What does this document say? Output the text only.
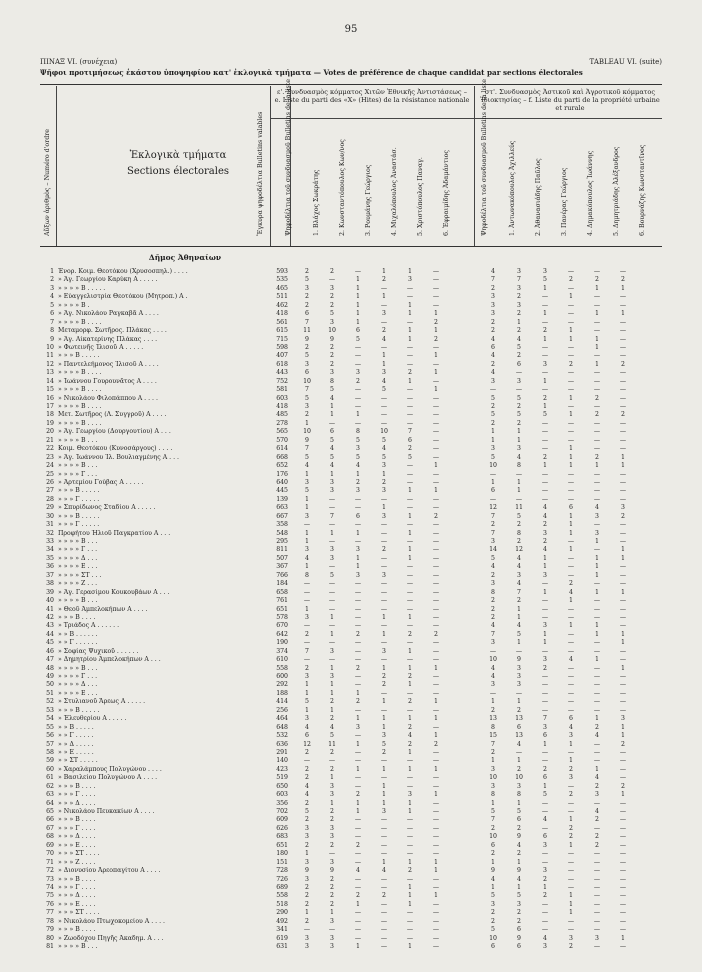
95
ΠΙΝΑΞ VI. (συνέχεια)	TABLEAU VI. (suite)
Ψῆφοι προτιμήσεως ἑκάστου ὑποψηφίου κατ' ἐκλογικὰ τμήματα — Votes de préférence de chaque candidat par sections électorales
Αὔξων ἀριθμὸς – Numéro d'ordre	Ἐκλογικὰ τμήματα
Sections électorales	Ἔγκυρα ψηφοδέλτια Bulletins valables
ε'. Συνδυασμὸς κόμματος Χιτῶν Ἐθνικῆς Ἀντιστάσεως – e. Liste du parti des «X» (Hites) de la résistance nationale
στ'. Συνδυασμὸς Ἀστικοῦ καὶ Ἀγροτικοῦ κόμματος Ἰδιοκτησίας – f. Liste du parti de la propriété urbaine et rurale
Ψηφοδέλτια τοῦ συνδυασμοῦ Bulletins de la liste	1. Βλάχος Σωκράτης	2. Κωνσταντόπουλος Κων/νος	3. Ρουμάνης Γεώργιος	4. Μιχαλόπουλος Ἀναστάσ.	5. Χριστόπουλος Παναγ.	6. Ἐφραιμίδης Ἀδαμάντιος	Ψηφοδέλτια τοῦ συνδυασμοῦ Bulletins de la liste	1. Ἀντωνακόπουλος Ἀχιλλεύς	2. Ἀθανασιάδης Παῦλος	3. Πανέρας Γεώργιος	4. Δημακόπουλος Ἰωάννης	5. Δημητριάδης Ἀλέξανδρος	6. Βουρνάζης Κωνσταντῖνος
Δῆμος Ἀθηναίων
1 Ἐνορ. Κοιμ. Θεοτόκου (Χρυσοσπηλ.) . . . .	593	2	2	—	1	1	—	4	3	3	—	—	—
2 » Ἁγ. Γεωργίου Καρύκη Α . . . . .	535	5	—	1	2	3	—	7	7	5	2	2	2
3 » » » » Β . . . . .	465	3	3	1	—	—	—	2	3	1	—	1	1
4 » Εὐαγγελιστρία Θεοτόκου (Μητροπ.) Α .	511	2	2	1	1	—	—	3	2	—	1	—	—
5 » » » » Β .	462	2	2	1	—	1	—	3	3	—	—	—	—
6 » Ἁγ. Νικολάου Ραγκαβᾶ Α . . . .	418	6	5	1	3	1	1	3	2	1	—	1	1
7 » » » » Β . . . .	561	7	3	1	—	—	2	2	1	—	—	—	—
8 Μεταμορφ. Σωτῆρος. Πλάκας . . . .	615	11	10	6	2	1	1	2	2	2	1	—	—
9 » Ἁγ. Αἰκατερίνης Πλάκας . . . .	715	9	9	5	4	1	2	4	4	1	1	1	—
10 » Φωτεινῆς Ἰλισοῦ Α . . . . .	598	2	2	—	—	—	—	6	5	—	—	1	—
11 » » » Β . . . . .	407	5	2	—	1	—	1	4	2	—	—	—	—
12 » Παντελεήμονος Ἰλισοῦ Α . . . .	618	3	2	—	1	—	—	2	6	3	2	1	2
13 » » » » Β . . . .	443	6	3	3	3	2	1	4	—	—	—	—	—
14 » Ἰωάννου Γουρουνᾶτος Α . . . .	752	10	8	2	4	1	—	3	3	1	—	—	—
15 » » » » Β . . . .	581	7	5	—	5	—	1	—	—	—	—	—	—
16 » Νικολάου Φιλοπάππου Α . . . .	603	5	4	—	—	—	—	5	5	2	1	2	—
17 » » » » Β . . . .	418	3	1	—	—	—	—	2	2	1	—	—	—
18 Μετ. Σωτῆρος (Λ. Συγγροῦ) Α . . . .	485	2	1	1	—	—	—	5	5	5	1	2	2
19 » » » » Β . . . .	278	1	—	—	—	—	—	2	2	—	—	—	—
20 » Ἁγ. Γεωργίου (Δουργουτίου) Α . . .	565	10	6	8	10	7	—	1	1	—	—	—	—
21 » » » » Β . . .	570	9	5	5	5	6	—	1	1	—	—	—	—
22 Κοιμ. Θεοτόκου (Κυνοσάργους) . . . .	614	7	4	3	4	2	—	3	3	—	1	—	—
23 » Ἁγ. Ἰωάννου Ἰλ. Βουλιαγμένης Α . . .	668	5	5	5	5	5	—	5	4	2	1	2	1
24 » » » » Β . . .	652	4	4	4	3	—	1	10	8	1	1	1	1
25 » » » » Γ . . .	176	1	1	1	1	—	—	—	—	—	—	—	—
26 » Ἀρτεμίου Γούβας Α . . . . .	640	3	3	2	2	—	—	1	1	—	—	—	—
27 » » » Β . . . . .	445	5	3	3	3	1	1	6	1	—	—	—	—
28 » » » Γ . . . . .	139	1	—	—	—	—	—	—	—	—	—	—	—
29 » Σπυρίδωνος Σταδίου Α . . . . .	663	1	—	—	1	—	—	12	11	4	6	4	3
30 » » » Β . . . . .	667	3	7	6	3	1	2	7	5	4	1	3	2
31 » » » Γ . . . . .	358	—	—	—	—	—	—	2	2	2	1	—	—
32 Προφήτου Ἠλιοῦ Παγκρατίου Α . . .	548	1	1	1	—	1	—	7	8	3	1	3	—
33 » » » » Β . . .	295	1	—	—	—	—	—	3	2	2	—	1	—
34 » » » » Γ . . .	811	3	3	3	2	1	—	14	12	4	1	—	1
35 » » » » Δ . . .	507	4	3	1	—	1	—	5	4	1	—	1	1
36 » » » » Ε . . .	367	1	—	1	—	—	—	4	4	1	—	1	—
37 » » » » ΣΤ . . .	766	8	5	3	3	—	—	2	3	3	—	1	—
38 » » » » Ζ . . .	184	—	—	—	—	—	—	3	4	—	2	—	—
39 » Ἁγ. Γερασίμου Κουκουβάων Α . . .	658	—	—	—	—	—	—	8	7	1	4	1	1
40 » » » » Β . . .	761	—	—	—	—	—	—	2	2	—	1	—	—
41 » Θεοῦ Ἀμπελοκήπων Α . . . .	651	1	—	—	—	—	—	2	1	—	—	—	—
42 » » » Β . . . .	578	3	1	—	1	1	—	2	1	—	—	—	—
43 » Τριάδος Α . . . . . .	670	—	—	—	—	—	—	4	4	3	1	1	—
44 » » Β . . . . . .	642	2	1	2	1	2	2	7	5	1	—	1	1
45 » » Γ . . . . . .	190	—	—	—	—	—	—	3	1	1	—	—	1
46 » Σοφίας Ψυχικοῦ . . . . . .	374	7	3	—	3	1	—	—	—	—	—	—	—
47 » Δημητρίου Ἀμπελοκήπων Α . . .	610	—	—	—	—	—	—	10	9	3	4	1	—
48 » » » » Β . . .	558	2	1	2	1	1	1	4	3	2	—	—	1
49 » » » » Γ . . .	600	3	3	—	2	2	—	4	3	—	—	—	—
50 » » » » Δ . . .	292	1	1	—	2	1	—	3	3	—	—	—	—
51 » » » » Ε . . .	188	1	1	1	—	—	—	—	—	—	—	—	—
52 » Στυλιανοῦ Ἄρεως Α . . . . .	414	5	2	2	1	2	1	1	1	—	—	—	—
53 » » » Β . . . . .	256	1	1	—	—	—	—	2	2	—	—	—	—
54 » Ἐλευθερίου Α . . . . .	464	3	2	1	1	1	1	13	13	7	6	1	3
55 » » Β . . . . .	648	4	4	3	1	2	—	8	6	3	4	2	1
56 » » Γ . . . . .	532	6	5	—	3	4	1	15	13	6	3	4	1
57 » » Δ . . . . .	636	12	11	1	5	2	2	7	4	1	1	—	2
58 » » Ε . . . . .	291	2	2	—	2	1	—	2	—	—	—	—	—
59 » » ΣΤ . . . . .	140	—	—	—	—	—	—	1	1	—	1	—	—
60 » Χαραλάμπους Πολυγώνου . . . .	423	2	2	1	1	1	1	3	2	2	2	1	—
61 » Βασιλείου Πολυγώνου Α . . . .	519	2	1	—	—	—	—	10	10	6	3	4	—
62 » » » Β . . . .	650	4	3	—	1	—	—	3	3	1	—	2	2
63 » » » Γ . . . .	603	4	3	2	1	3	1	8	8	5	2	3	1
64 » » » Δ . . . .	356	2	1	1	1	1	—	1	1	—	—	—	—
65 » Νικολάου Πευκακίων Α . . . .	702	5	2	1	3	1	—	5	5	—	—	4	—
66 » » » Β . . . .	609	2	2	—	—	—	—	7	6	4	1	2	—
67 » » » Γ . . . .	626	3	3	—	—	—	—	2	2	—	2	—	—
68 » » » Δ . . . .	683	3	3	—	—	—	—	10	9	6	2	2	—
69 » » » Ε . . . .	651	2	2	2	—	—	—	6	4	3	1	2	—
70 » » » ΣΤ . . . .	180	1	—	—	—	—	—	2	2	—	—	—	—
71 » » » Ζ . . . .	151	3	3	—	1	1	1	1	1	—	—	—	—
72 » Διονυσίου Ἀρεοπαγίτου Α . . . .	728	9	9	4	4	2	1	9	9	3	—	—	—
73 » » » Β . . . .	726	3	2	—	—	—	—	4	4	2	—	—	—
74 » » » Γ . . . .	689	2	2	—	—	1	—	1	1	1	—	—	—
75 » » » Δ . . . .	558	2	2	2	2	1	1	5	5	2	1	—	—
76 » » » Ε . . . .	518	2	2	1	—	1	—	3	3	—	1	—	—
77 » » » ΣΤ . . . .	290	1	1	—	—	—	—	2	2	—	1	—	—
78 » Νικολάου Πτωχοκομείου Α . . . .	492	2	3	—	—	—	—	2	2	—	—	—	—
79 » » » Β . . . .	341	—	—	—	—	—	—	5	6	—	—	—	—
80 » Ζωοδόχου Πηγῆς Ἀκαδημ. Α . . .	619	3	3	—	—	—	—	10	9	4	3	3	1
81 » » » » Β . . .	631	3	3	1	—	1	—	6	6	3	2	—	—
